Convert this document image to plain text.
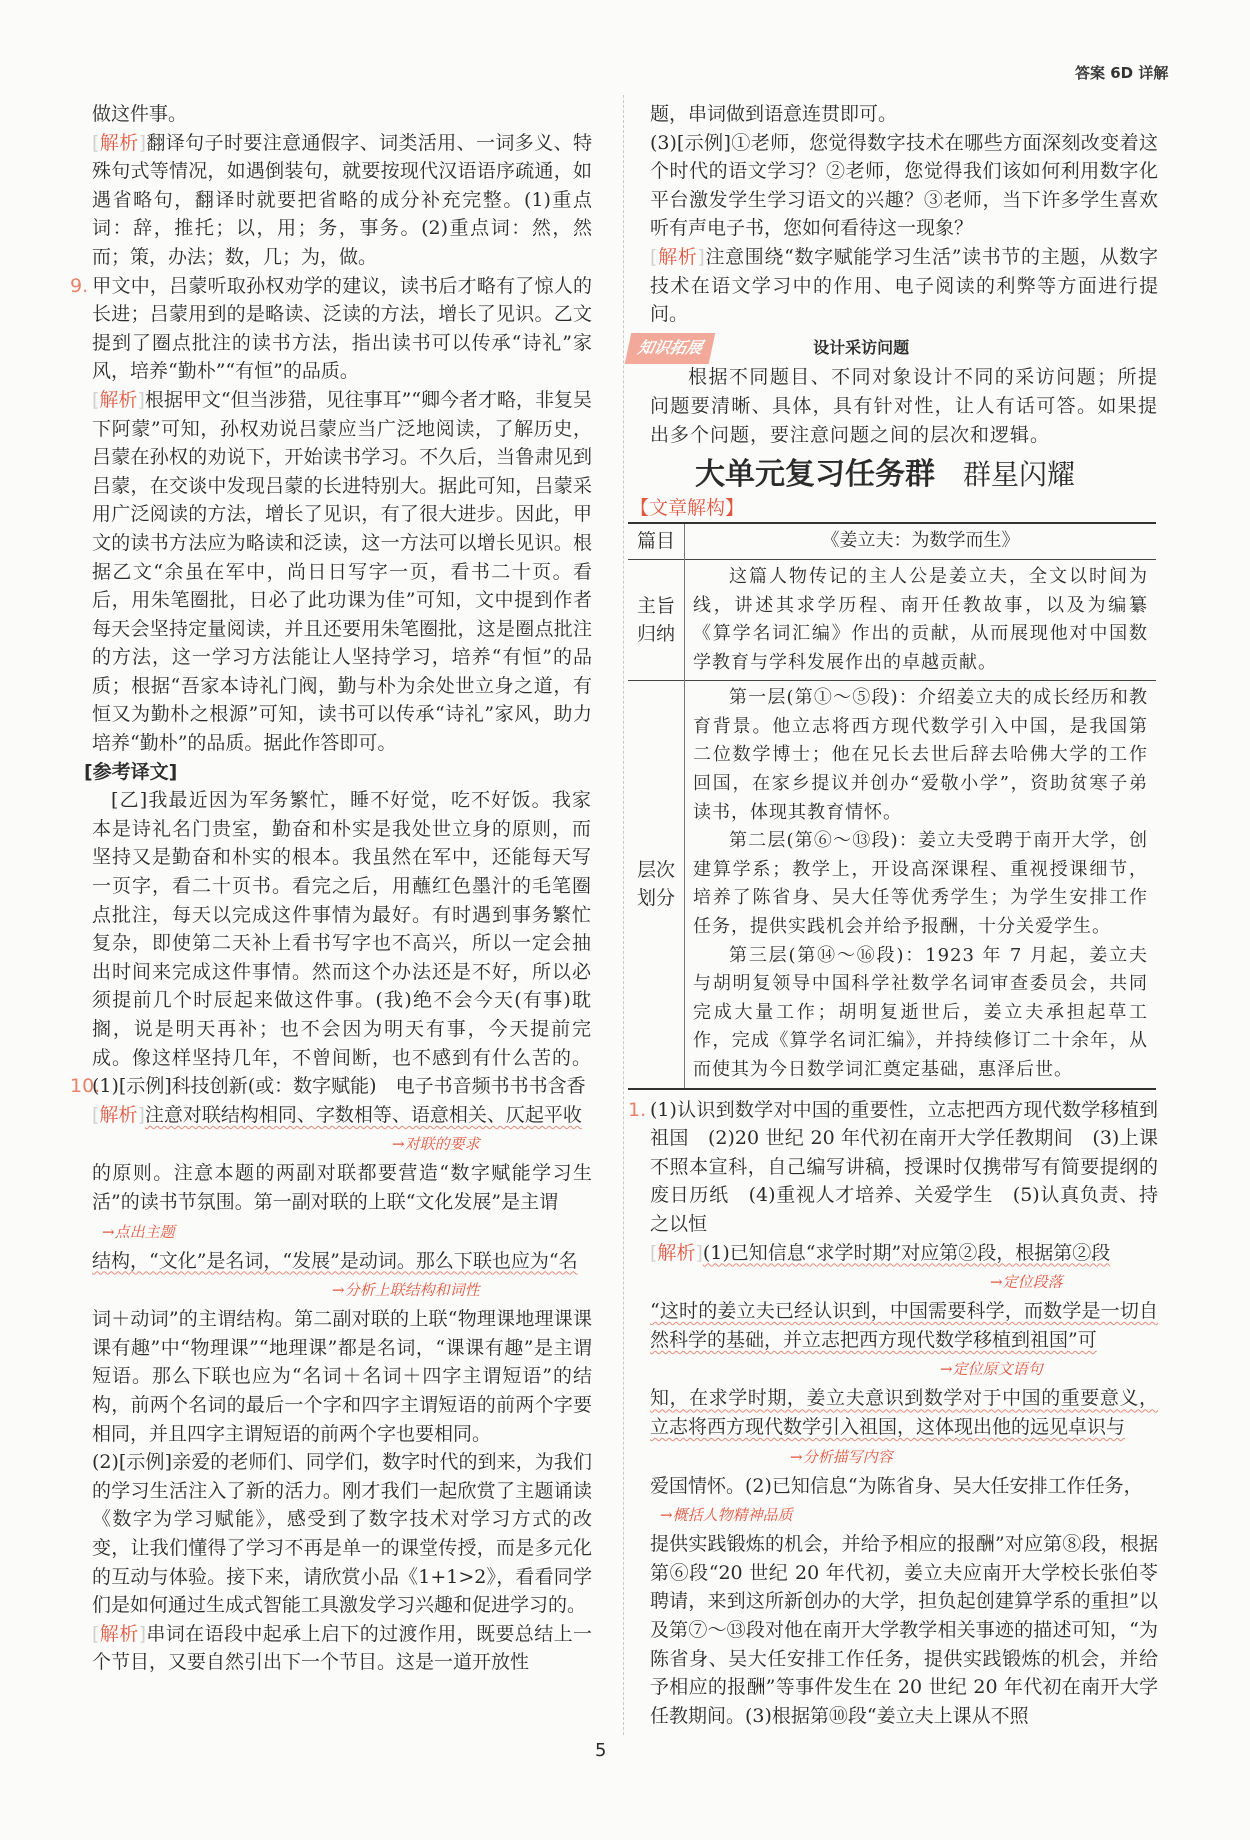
答案 6D 详解

做这件事。

[ 解析 ] 翻译句子时要注意通假字、词类活用、一词多义、特殊句式等情况，如遇倒装句，就要按现代汉语语序疏通，如遇省略句，翻译时就要把省略的成分补充完整。(1)重点词：辞，推托；以，用；务，事务。(2)重点词：然，然而；策，办法；数，几；为，做。

9. 甲文中，吕蒙听取孙权劝学的建议，读书后才略有了惊人的长进；吕蒙用到的是略读、泛读的方法，增长了见识。乙文提到了圈点批注的读书方法，指出读书可以传承“诗礼”家风，培养“勤朴”“有恒”的品质。

[ 解析 ] 根据甲文“但当涉猎，见往事耳”“卿今者才略，非复吴下阿蒙”可知，孙权劝说吕蒙应当广泛地阅读，了解历史，吕蒙在孙权的劝说下，开始读书学习。不久后，当鲁肃见到吕蒙，在交谈中发现吕蒙的长进特别大。据此可知，吕蒙采用广泛阅读的方法，增长了见识，有了很大进步。因此，甲文的读书方法应为略读和泛读，这一方法可以增长见识。根据乙文“余虽在军中，尚日日写字一页，看书二十页。看后，用朱笔圈批，日必了此功课为佳”可知，文中提到作者每天会坚持定量阅读，并且还要用朱笔圈批，这是圈点批注的方法，这一学习方法能让人坚持学习，培养“有恒”的品质；根据“吾家本诗礼门阀，勤与朴为余处世立身之道，有恒又为勤朴之根源”可知，读书可以传承“诗礼”家风，助力培养“勤朴”的品质。据此作答即可。

[参考译文]

[乙]我最近因为军务繁忙，睡不好觉，吃不好饭。我家本是诗礼名门贵室，勤奋和朴实是我处世立身的原则，而坚持又是勤奋和朴实的根本。我虽然在军中，还能每天写一页字，看二十页书。看完之后，用蘸红色墨汁的毛笔圈点批注，每天以完成这件事情为最好。有时遇到事务繁忙复杂，即使第二天补上看书写字也不高兴，所以一定会抽出时间来完成这件事情。然而这个办法还是不好，所以必须提前几个时辰起来做这件事。(我)绝不会今天(有事)耽搁，说是明天再补；也不会因为明天有事，今天提前完成。像这样坚持几年，不曾间断，也不感到有什么苦的。

10.(1)[示例]科技创新(或：数字赋能)　电子书音频书书书含香

[ 解析 ] 注意对联结构相同、字数相等、语意相关、仄起平收

→对联的要求

的原则。注意本题的两副对联都要营造“数字赋能学习生活”的读书节氛围。第一副对联的上联“文化发展”是主谓

→点出主题

结构，“文化”是名词，“发展”是动词。那么下联也应为“名

→分析上联结构和词性

词＋动词”的主谓结构。第二副对联的上联“物理课地理课课课有趣”中“物理课”“地理课”都是名词，“课课有趣”是主谓短语。那么下联也应为“名词＋名词＋四字主谓短语”的结构，前两个名词的最后一个字和四字主谓短语的前两个字要相同，并且四字主谓短语的前两个字也要相同。

(2)[示例]亲爱的老师们、同学们，数字时代的到来，为我们的学习生活注入了新的活力。刚才我们一起欣赏了主题诵读《数字为学习赋能》，感受到了数字技术对学习方式的改变，让我们懂得了学习不再是单一的课堂传授，而是多元化的互动与体验。接下来，请欣赏小品《1+1>2》，看看同学们是如何通过生成式智能工具激发学习兴趣和促进学习的。

[ 解析 ] 串词在语段中起承上启下的过渡作用，既要总结上一个节目，又要自然引出下一个节目。这是一道开放性

题，串词做到语意连贯即可。

(3)[示例]①老师，您觉得数字技术在哪些方面深刻改变着这个时代的语文学习？②老师，您觉得我们该如何利用数字化平台激发学生学习语文的兴趣？③老师，当下许多学生喜欢听有声电子书，您如何看待这一现象？

[ 解析 ] 注意围绕“数字赋能学习生活”读书节的主题，从数字技术在语文学习中的作用、电子阅读的利弊等方面进行提问。

知识拓展	设计采访问题

根据不同题目、不同对象设计不同的采访问题；所提问题要清晰、具体，具有针对性，让人有话可答。如果提出多个问题，要注意问题之间的层次和逻辑。

大单元复习任务群 群星闪耀
【文章解构】
篇目	《姜立夫：为数学而生》
主旨归纳	这篇人物传记的主人公是姜立夫，全文以时间为线，讲述其求学历程、南开任教故事，以及为编纂《算学名词汇编》作出的贡献，从而展现他对中国数学教育与学科发展作出的卓越贡献。

层次划分	第一层(第①～⑤段)：介绍姜立夫的成长经历和教育背景。他立志将西方现代数学引入中国，是我国第二位数学博士；他在兄长去世后辞去哈佛大学的工作回国，在家乡提议并创办“爱敬小学”，资助贫寒子弟读书，体现其教育情怀。

第二层(第⑥～⑬段)：姜立夫受聘于南开大学，创建算学系；教学上，开设高深课程、重视授课细节，培养了陈省身、吴大任等优秀学生；为学生安排工作任务，提供实践机会并给予报酬，十分关爱学生。

第三层(第⑭～⑯段)：1923 年 7 月起，姜立夫与胡明复领导中国科学社数学名词审查委员会，共同完成大量工作；胡明复逝世后，姜立夫承担起草工作，完成《算学名词汇编》，并持续修订二十余年，从而使其为今日数学词汇奠定基础，惠泽后世。

1. (1)认识到数学对中国的重要性，立志把西方现代数学移植到祖国　(2)20 世纪 20 年代初在南开大学任教期间　(3)上课不照本宣科，自己编写讲稿，授课时仅携带写有简要提纲的废日历纸　(4)重视人才培养、关爱学生　(5)认真负责、持之以恒

[ 解析 ] (1)已知信息“求学时期”对应第②段，根据第②段

→定位段落

“这时的姜立夫已经认识到，中国需要科学，而数学是一切自然科学的基础，并立志把西方现代数学移植到祖国”可

→定位原文语句

知，在求学时期，姜立夫意识到数学对于中国的重要意义，立志将西方现代数学引入祖国，这体现出他的远见卓识与

→分析描写内容

爱国情怀。(2)已知信息“为陈省身、吴大任安排工作任务，

→概括人物精神品质

提供实践锻炼的机会，并给予相应的报酬”对应第⑧段，根据第⑥段“20 世纪 20 年代初，姜立夫应南开大学校长张伯苓聘请，来到这所新创办的大学，担负起创建算学系的重担”以及第⑦～⑬段对他在南开大学教学相关事迹的描述可知，“为陈省身、吴大任安排工作任务，提供实践锻炼的机会，并给予相应的报酬”等事件发生在 20 世纪 20 年代初在南开大学任教期间。(3)根据第⑩段“姜立夫上课从不照

5
